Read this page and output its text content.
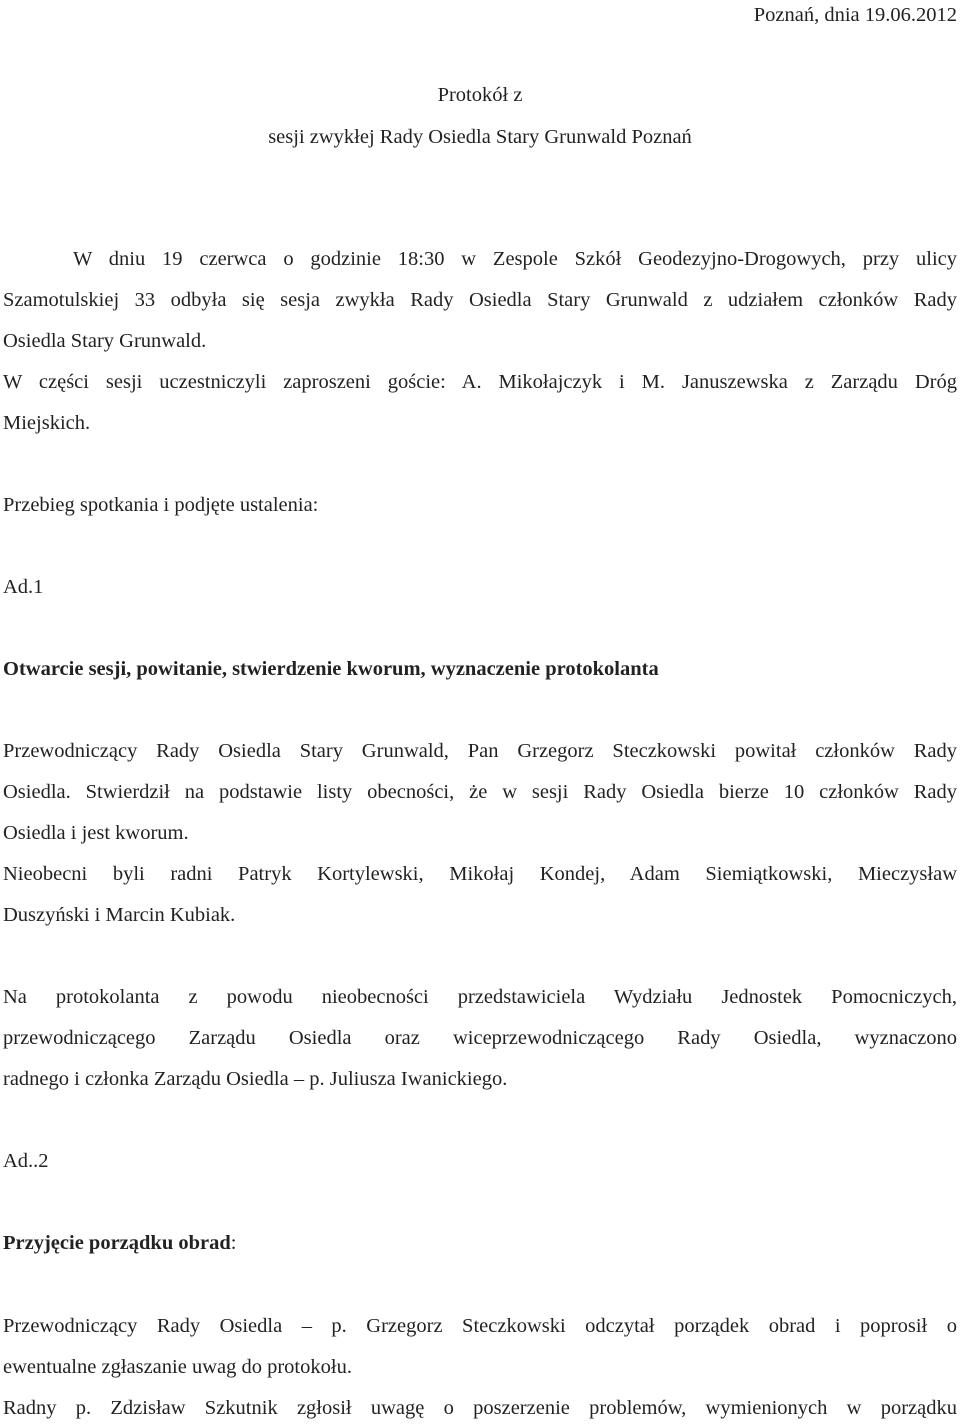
Poznań, dnia 19.06.2012
Protokół z
sesji zwykłej Rady Osiedla Stary Grunwald Poznań
W dniu 19 czerwca o godzinie 18:30 w Zespole Szkół Geodezyjno-Drogowych, przy ulicy
Szamotulskiej 33 odbyła się sesja zwykła Rady Osiedla Stary Grunwald z udziałem członków Rady
Osiedla Stary Grunwald.
W części sesji uczestniczyli zaproszeni goście: A. Mikołajczyk i M. Januszewska z Zarządu Dróg
Miejskich.
Przebieg spotkania i podjęte ustalenia:
Ad.1
Otwarcie sesji, powitanie, stwierdzenie kworum, wyznaczenie protokolanta
Przewodniczący Rady Osiedla Stary Grunwald, Pan Grzegorz Steczkowski powitał członków Rady
Osiedla. Stwierdził na podstawie listy obecności, że w sesji Rady Osiedla bierze 10 członków Rady
Osiedla i jest kworum.
Nieobecni byli radni Patryk Kortylewski, Mikołaj Kondej, Adam Siemiątkowski, Mieczysław
Duszyński i Marcin Kubiak.
Na protokolanta z powodu nieobecności przedstawiciela Wydziału Jednostek Pomocniczych,
przewodniczącego Zarządu Osiedla oraz wiceprzewodniczącego Rady Osiedla, wyznaczono
radnego i członka Zarządu Osiedla – p. Juliusza Iwanickiego.
Ad..2
Przyjęcie porządku obrad:
Przewodniczący Rady Osiedla – p. Grzegorz Steczkowski odczytał porządek obrad i poprosił o
ewentualne zgłaszanie uwag do protokołu.
Radny p. Zdzisław Szkutnik zgłosił uwagę o poszerzenie problemów, wymienionych w porządku
